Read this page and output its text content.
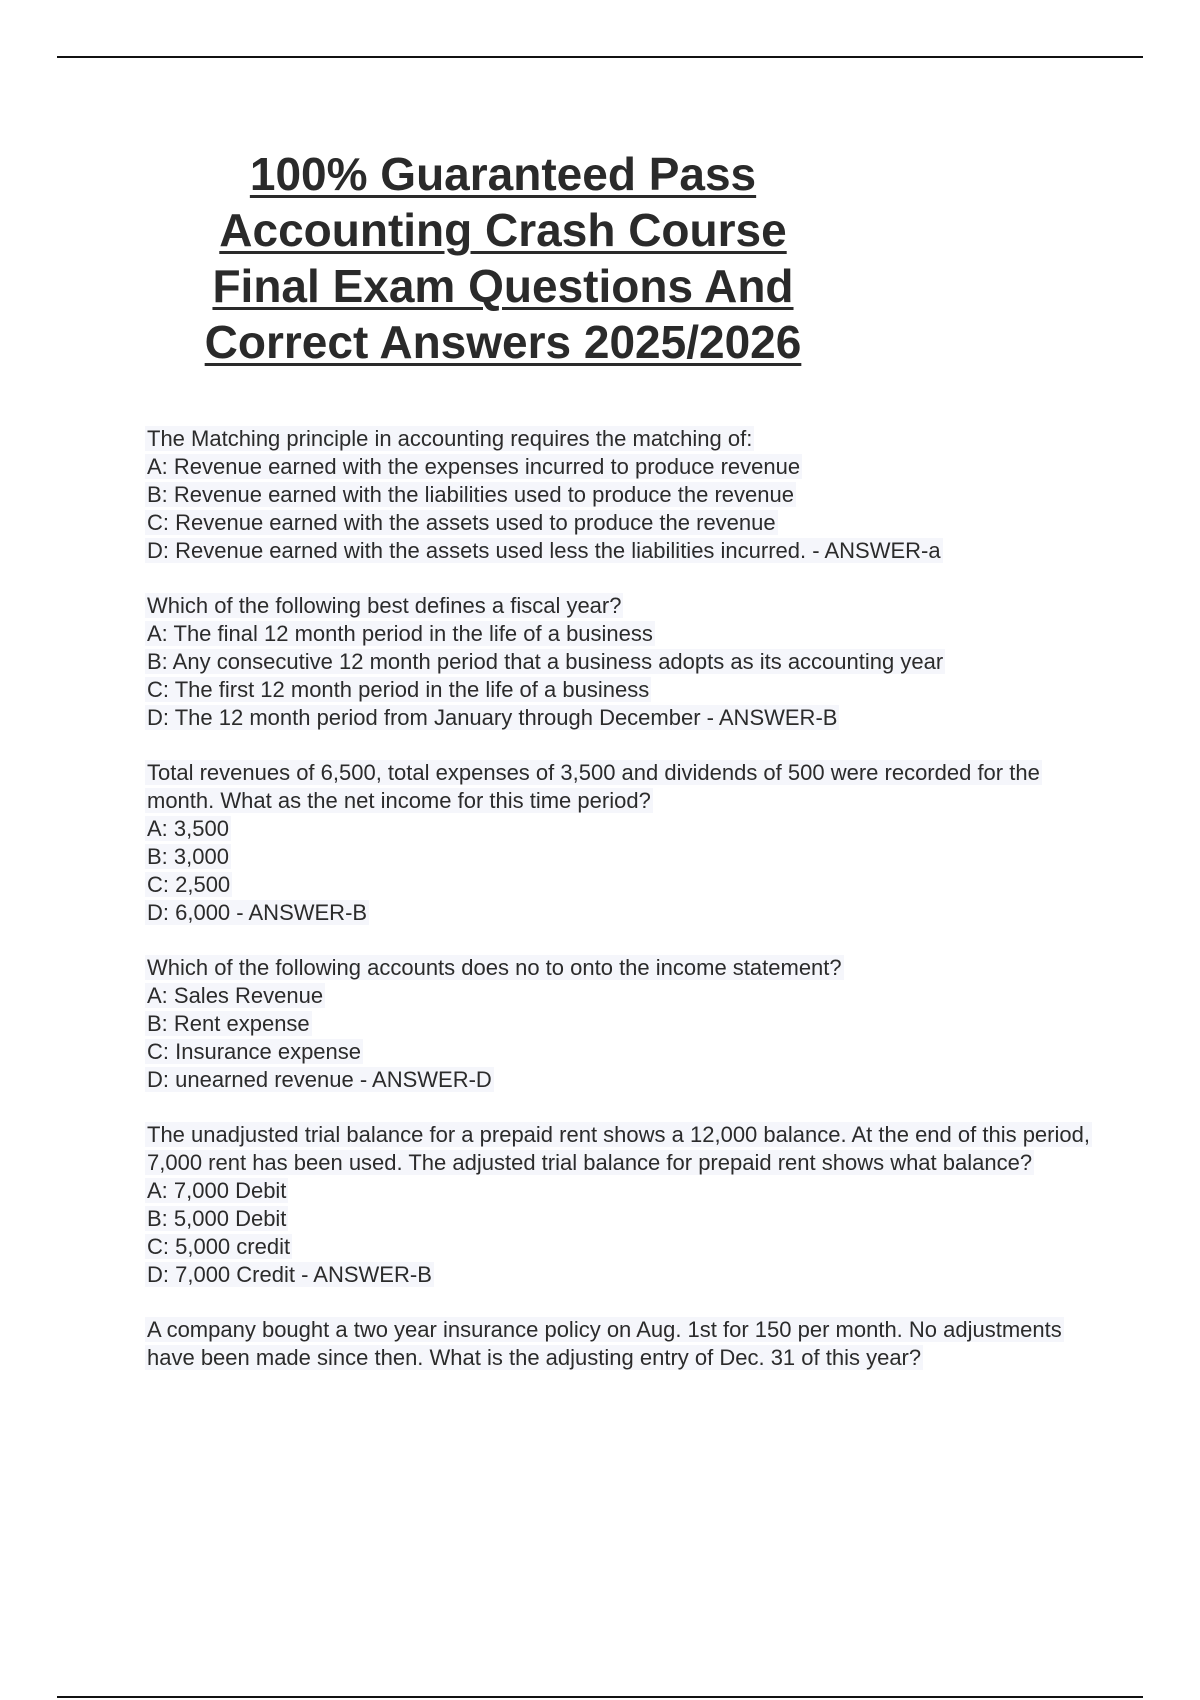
100% Guaranteed Pass
Accounting Crash Course
Final Exam Questions And
Correct Answers 2025/2026
The Matching principle in accounting requires the matching of:
A: Revenue earned with the expenses incurred to produce revenue
B: Revenue earned with the liabilities used to produce the revenue
C: Revenue earned with the assets used to produce the revenue
D: Revenue earned with the assets used less the liabilities incurred. - ANSWER-a
Which of the following best defines a fiscal year?
A: The final 12 month period in the life of a business
B: Any consecutive 12 month period that a business adopts as its accounting year
C: The first 12 month period in the life of a business
D: The 12 month period from January through December - ANSWER-B
Total revenues of 6,500, total expenses of 3,500 and dividends of 500 were recorded for the month. What as the net income for this time period?
A: 3,500
B: 3,000
C: 2,500
D: 6,000 - ANSWER-B
Which of the following accounts does no to onto the income statement?
A: Sales Revenue
B: Rent expense
C: Insurance expense
D: unearned revenue - ANSWER-D
The unadjusted trial balance for a prepaid rent shows a 12,000 balance. At the end of this period, 7,000 rent has been used. The adjusted trial balance for prepaid rent shows what balance?
A: 7,000 Debit
B: 5,000 Debit
C: 5,000 credit
D: 7,000 Credit - ANSWER-B
A company bought a two year insurance policy on Aug. 1st for 150 per month. No adjustments have been made since then. What is the adjusting entry of Dec. 31 of this year?
